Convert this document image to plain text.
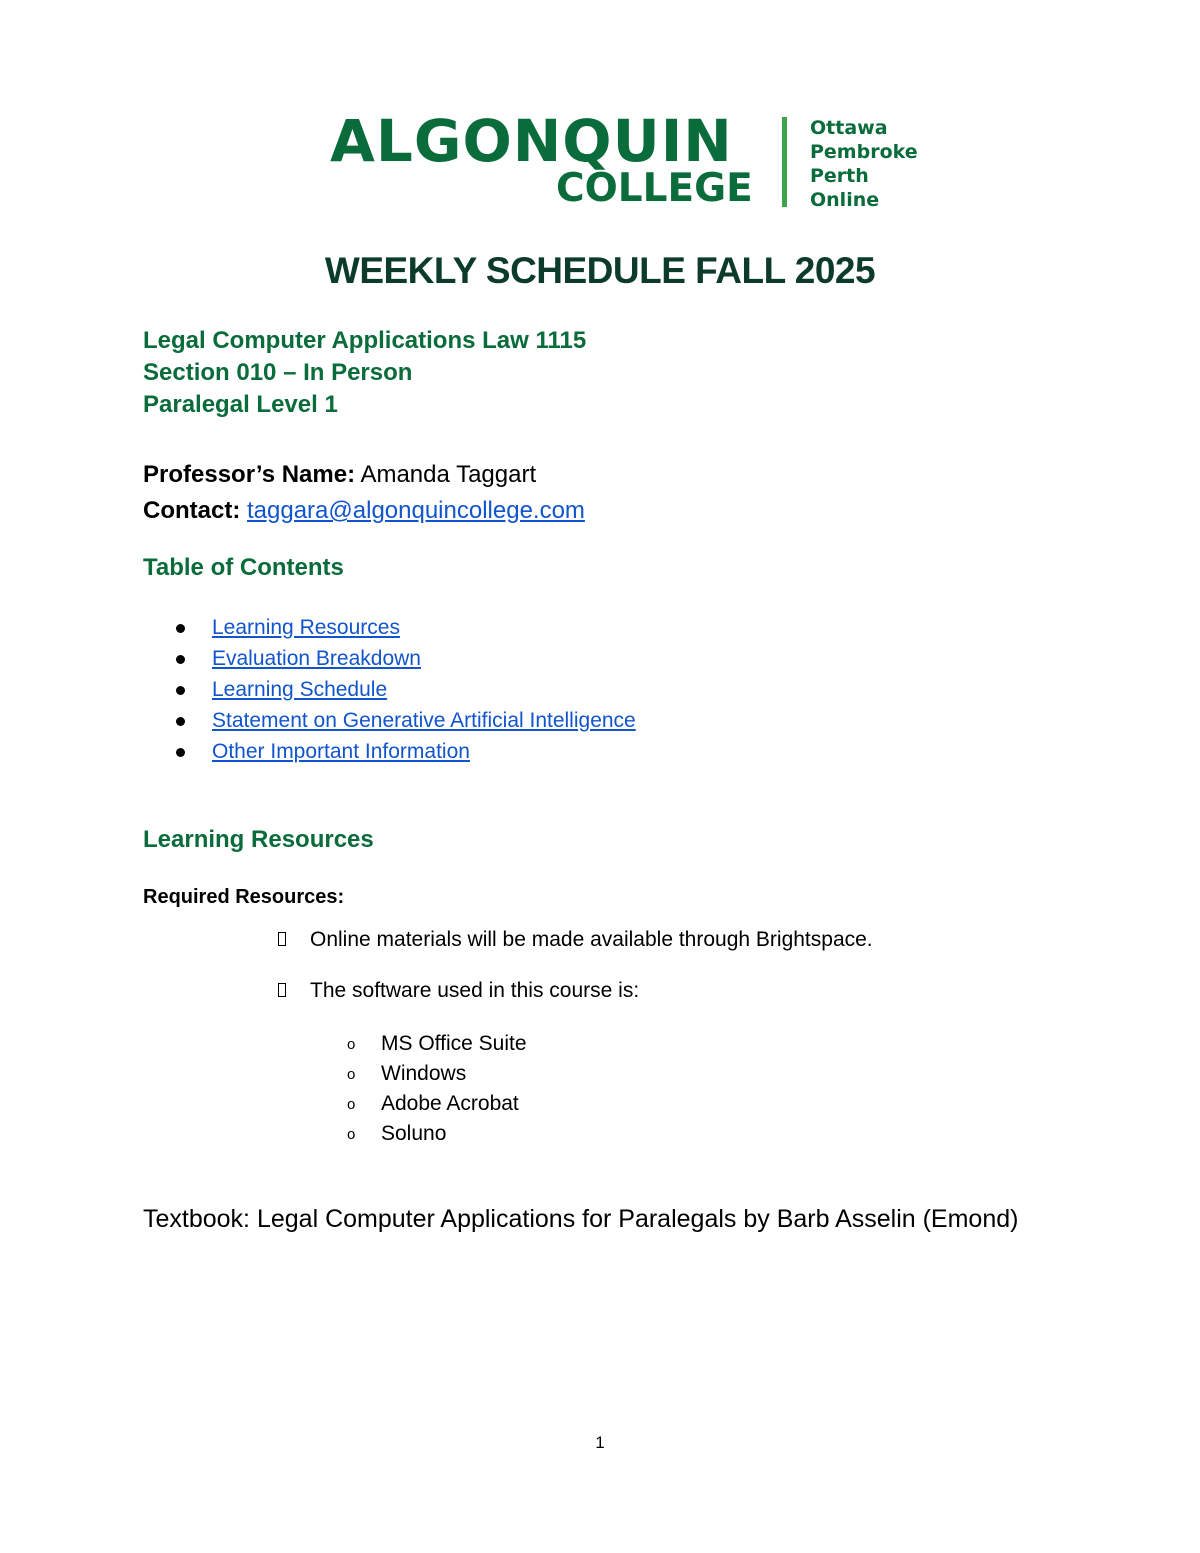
ALGONQUIN
COLLEGE
Ottawa
Pembroke
Perth
Online
WEEKLY SCHEDULE FALL 2025
Legal Computer Applications Law 1115
Section 010 – In Person
Paralegal Level 1
Professor’s Name: Amanda Taggart
Contact: taggara@algonquincollege.com
Table of Contents
Learning Resources
Evaluation Breakdown
Learning Schedule
Statement on Generative Artificial Intelligence
Other Important Information
Learning Resources
Required Resources:
Online materials will be made available through Brightspace.
The software used in this course is:
o MS Office Suite
o Windows
o Adobe Acrobat
o Soluno
Textbook: Legal Computer Applications for Paralegals by Barb Asselin (Emond)
1
